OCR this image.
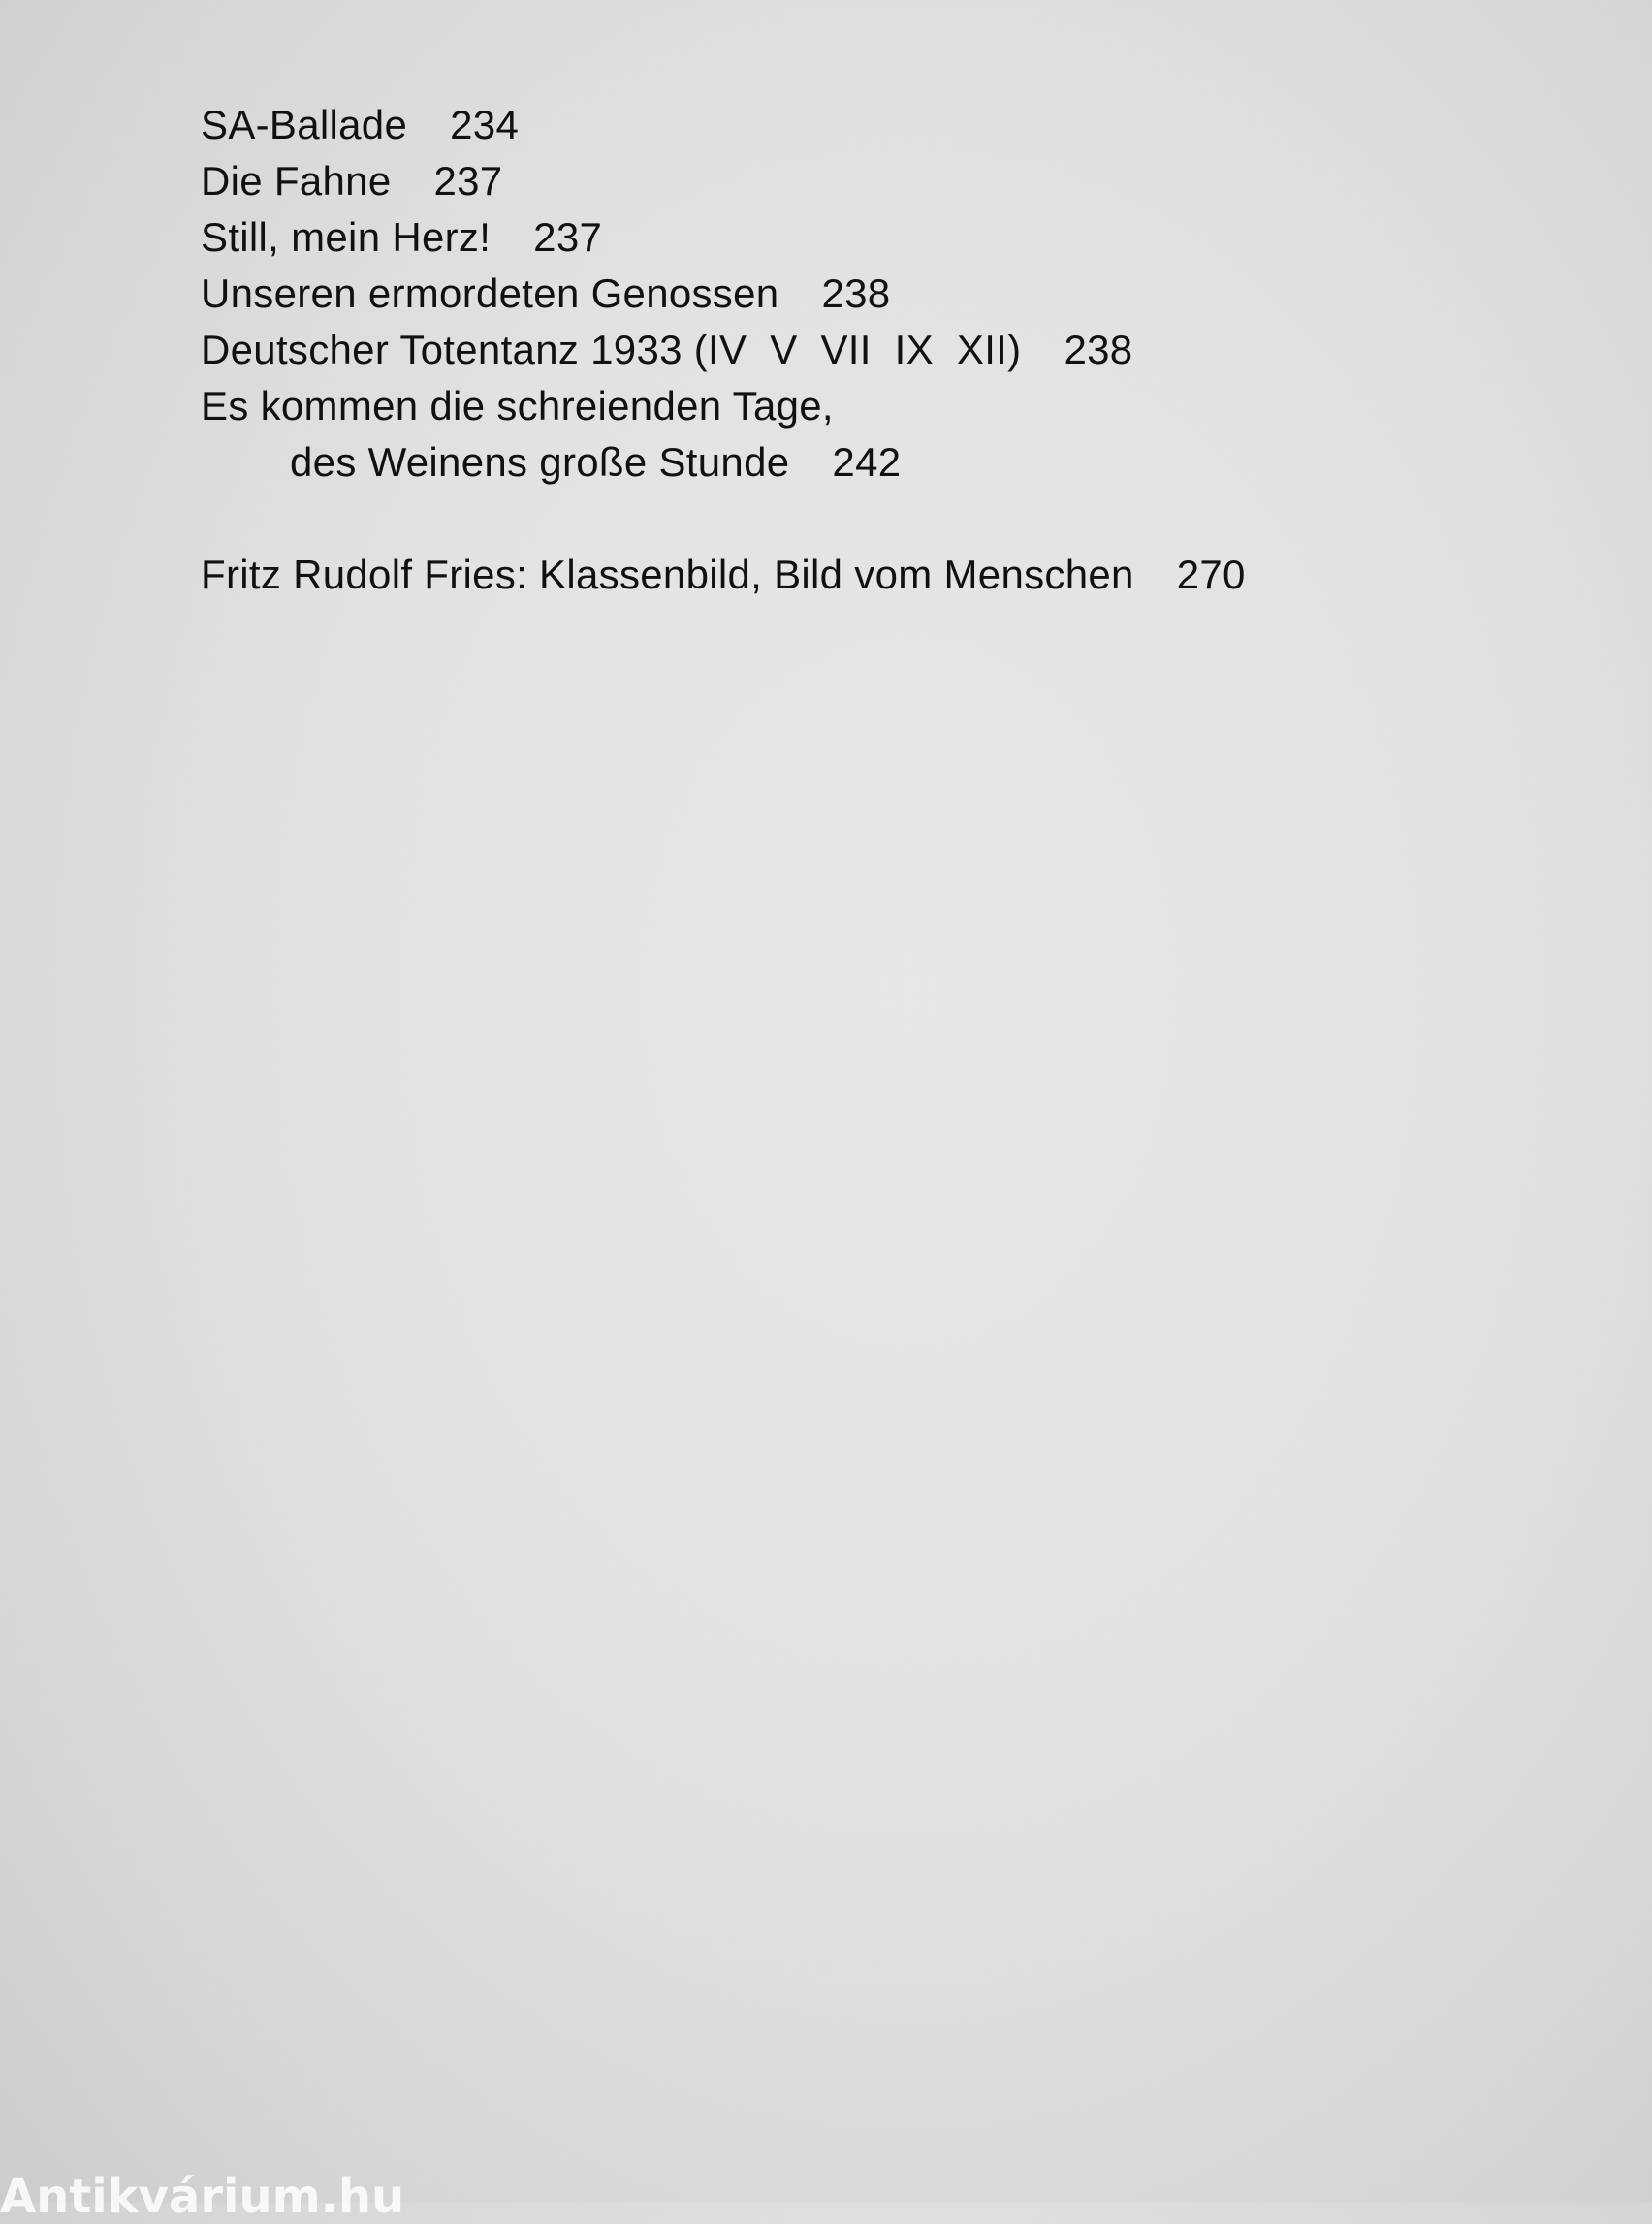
SA-Ballade 234
Die Fahne 237
Still, mein Herz! 237
Unseren ermordeten Genossen 238
Deutscher Totentanz 1933 (IV  V  VII  IX  XII) 238
Es kommen die schreienden Tage,
des Weinens große Stunde 242
Fritz Rudolf Fries: Klassenbild, Bild vom Menschen 270
Antikvárium.hu
